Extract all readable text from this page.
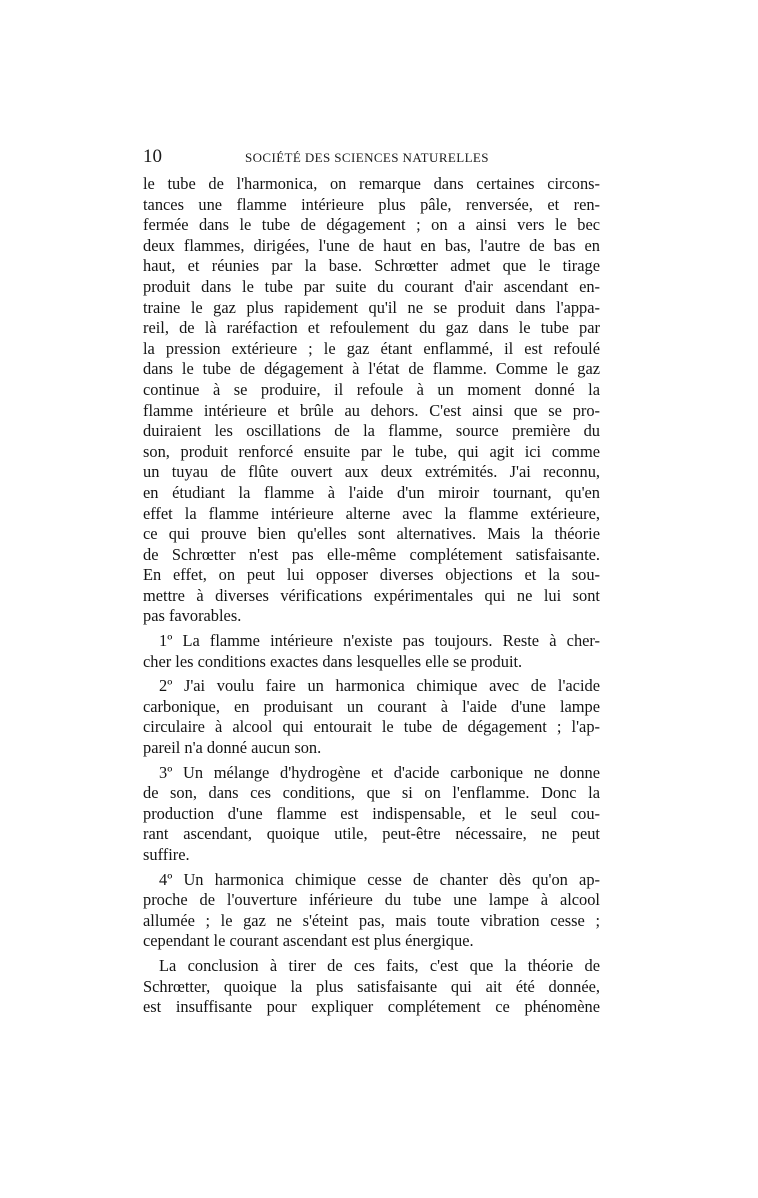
10	SOCIÉTÉ DES SCIENCES NATURELLES
le tube de l'harmonica, on remarque dans certaines circons-
tances une flamme intérieure plus pâle, renversée, et ren-
fermée dans le tube de dégagement ; on a ainsi vers le bec
deux flammes, dirigées, l'une de haut en bas, l'autre de bas en
haut, et réunies par la base. Schrœtter admet que le tirage
produit dans le tube par suite du courant d'air ascendant en-
traine le gaz plus rapidement qu'il ne se produit dans l'appa-
reil, de là raréfaction et refoulement du gaz dans le tube par
la pression extérieure ; le gaz étant enflammé, il est refoulé
dans le tube de dégagement à l'état de flamme. Comme le gaz
continue à se produire, il refoule à un moment donné la
flamme intérieure et brûle au dehors. C'est ainsi que se pro-
duiraient les oscillations de la flamme, source première du
son, produit renforcé ensuite par le tube, qui agit ici comme
un tuyau de flûte ouvert aux deux extrémités. J'ai reconnu,
en étudiant la flamme à l'aide d'un miroir tournant, qu'en
effet la flamme intérieure alterne avec la flamme extérieure,
ce qui prouve bien qu'elles sont alternatives. Mais la théorie
de Schrœtter n'est pas elle-même complétement satisfaisante.
En effet, on peut lui opposer diverses objections et la sou-
mettre à diverses vérifications expérimentales qui ne lui sont
pas favorables.
1º La flamme intérieure n'existe pas toujours. Reste à cher-
cher les conditions exactes dans lesquelles elle se produit.
2º J'ai voulu faire un harmonica chimique avec de l'acide
carbonique, en produisant un courant à l'aide d'une lampe
circulaire à alcool qui entourait le tube de dégagement ; l'ap-
pareil n'a donné aucun son.
3º Un mélange d'hydrogène et d'acide carbonique ne donne
de son, dans ces conditions, que si on l'enflamme. Donc la
production d'une flamme est indispensable, et le seul cou-
rant ascendant, quoique utile, peut-être nécessaire, ne peut
suffire.
4º Un harmonica chimique cesse de chanter dès qu'on ap-
proche de l'ouverture inférieure du tube une lampe à alcool
allumée ; le gaz ne s'éteint pas, mais toute vibration cesse ;
cependant le courant ascendant est plus énergique.
La conclusion à tirer de ces faits, c'est que la théorie de
Schrœtter, quoique la plus satisfaisante qui ait été donnée,
est insuffisante pour expliquer complétement ce phénomène
